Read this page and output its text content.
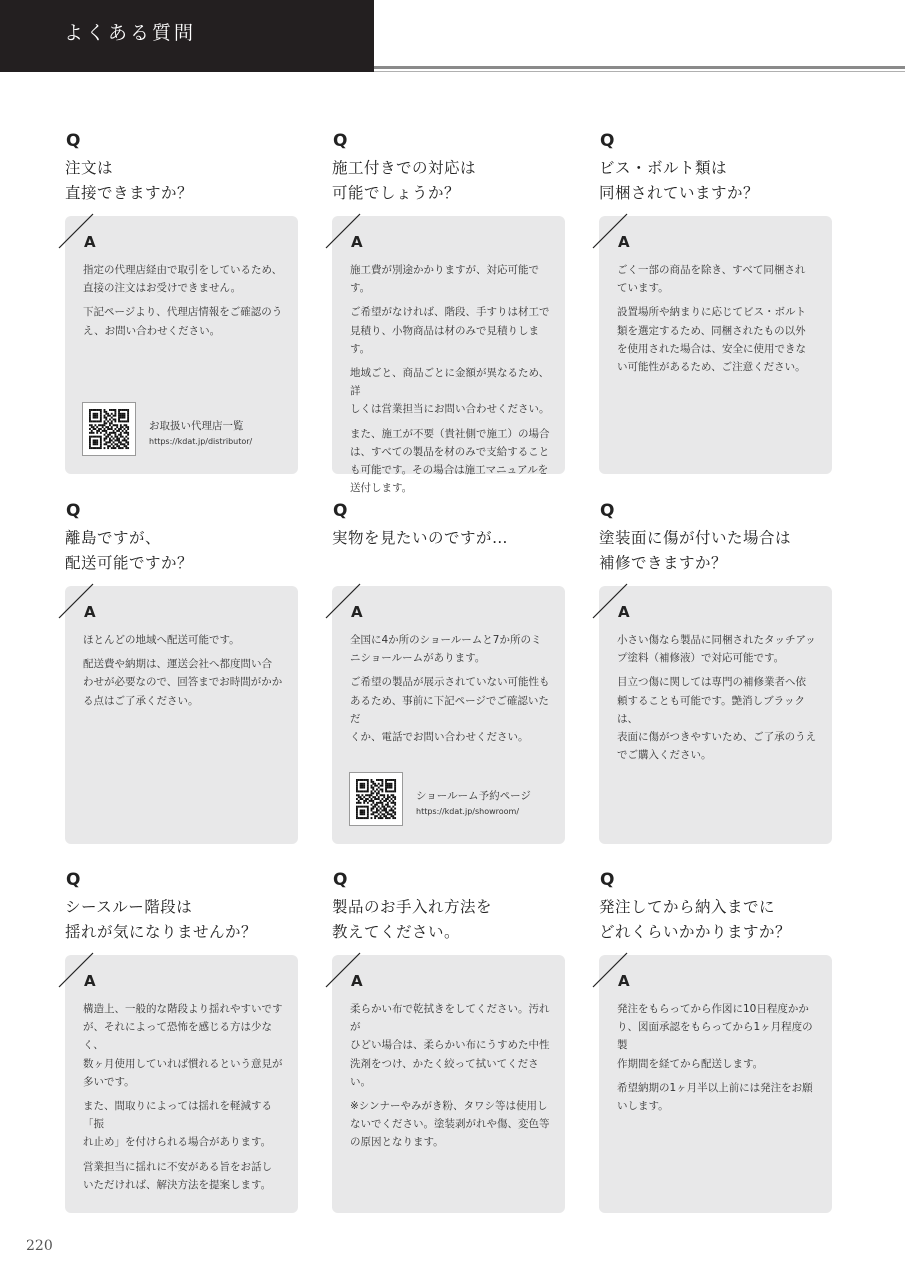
よくある質問
Q
注文は
直接できますか？
A

指定の代理店経由で取引をしているため、
直接の注文はお受けできません。

下記ページより、代理店情報をご確認のう
え、お問い合わせください。

お取扱い代理店一覧
https://kdat.jp/distributor/
Q
施工付きでの対応は
可能でしょうか？
A

施工費が別途かかりますが、対応可能です。

ご希望がなければ、階段、手すりは材工で
見積り、小物商品は材のみで見積りします。

地域ごと、商品ごとに金額が異なるため、詳
しくは営業担当にお問い合わせください。

また、施工が不要（貴社側で施工）の場合
は、すべての製品を材のみで支給すること
も可能です。その場合は施工マニュアルを
送付します。

Q
ビス・ボルト類は
同梱されていますか？
A

ごく一部の商品を除き、すべて同梱され
ています。

設置場所や納まりに応じてビス・ボルト
類を選定するため、同梱されたもの以外
を使用された場合は、安全に使用できな
い可能性があるため、ご注意ください。

Q
離島ですが、
配送可能ですか？
A

ほとんどの地域へ配送可能です。

配送費や納期は、運送会社へ都度問い合
わせが必要なので、回答までお時間がかか
る点はご了承ください。

Q
実物を見たいのですが…
A

全国に4か所のショールームと7か所のミ
ニショールームがあります。

ご希望の製品が展示されていない可能性も
あるため、事前に下記ページでご確認いただ
くか、電話でお問い合わせください。

ショールーム予約ページ
https://kdat.jp/showroom/
Q
塗装面に傷が付いた場合は
補修できますか？
A

小さい傷なら製品に同梱されたタッチアッ
プ塗料（補修液）で対応可能です。

目立つ傷に関しては専門の補修業者へ依
頼することも可能です。艶消しブラックは、
表面に傷がつきやすいため、ご了承のうえ
でご購入ください。

Q
シースルー階段は
揺れが気になりませんか？
A

構造上、一般的な階段より揺れやすいです
が、それによって恐怖を感じる方は少なく、
数ヶ月使用していれば慣れるという意見が
多いです。

また、間取りによっては揺れを軽減する「振
れ止め」を付けられる場合があります。

営業担当に揺れに不安がある旨をお話し
いただければ、解決方法を提案します。

Q
製品のお手入れ方法を
教えてください。
A

柔らかい布で乾拭きをしてください。汚れが
ひどい場合は、柔らかい布にうすめた中性
洗剤をつけ、かたく絞って拭いてください。

※シンナーやみがき粉、タワシ等は使用し
ないでください。塗装剥がれや傷、変色等
の原因となります。

Q
発注してから納入までに
どれくらいかかりますか？
A

発注をもらってから作図に10日程度かか
り、図面承認をもらってから1ヶ月程度の製
作期間を経てから配送します。

希望納期の1ヶ月半以上前には発注をお願
いします。

220
